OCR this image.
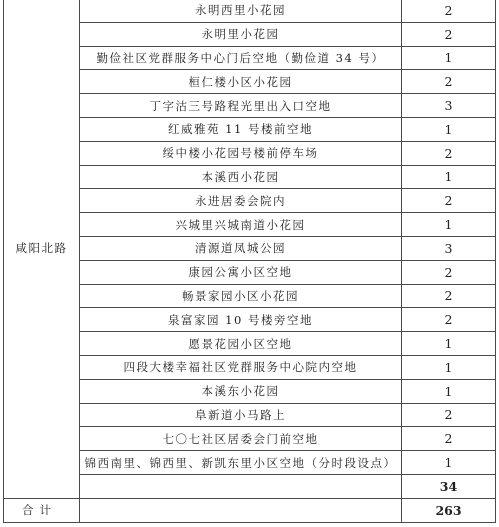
咸阳北路	永明西里小花园	2
	永明里小花园	2
	勤俭社区党群服务中心门后空地（勤俭道 34 号）	1
	桓仁楼小区小花园	2
	丁字沽三号路程光里出入口空地	3
	红威雅苑 11 号楼前空地	1
	绥中楼小花园号楼前停车场	2
	本溪西小花园	1
	永进居委会院内	2
	兴城里兴城南道小花园	1
	清源道凤城公园	3
	康园公寓小区空地	2
	畅景家园小区小花园	2
	泉富家园 10 号楼旁空地	2
	愿景花园小区空地	1
	四段大楼幸福社区党群服务中心院内空地	1
	本溪东小花园	1
	阜新道小马路上	2
	七〇七社区居委会门前空地	2
	锦西南里、锦西里、新凯东里小区空地（分时段设点）	1
		34
合计		263
